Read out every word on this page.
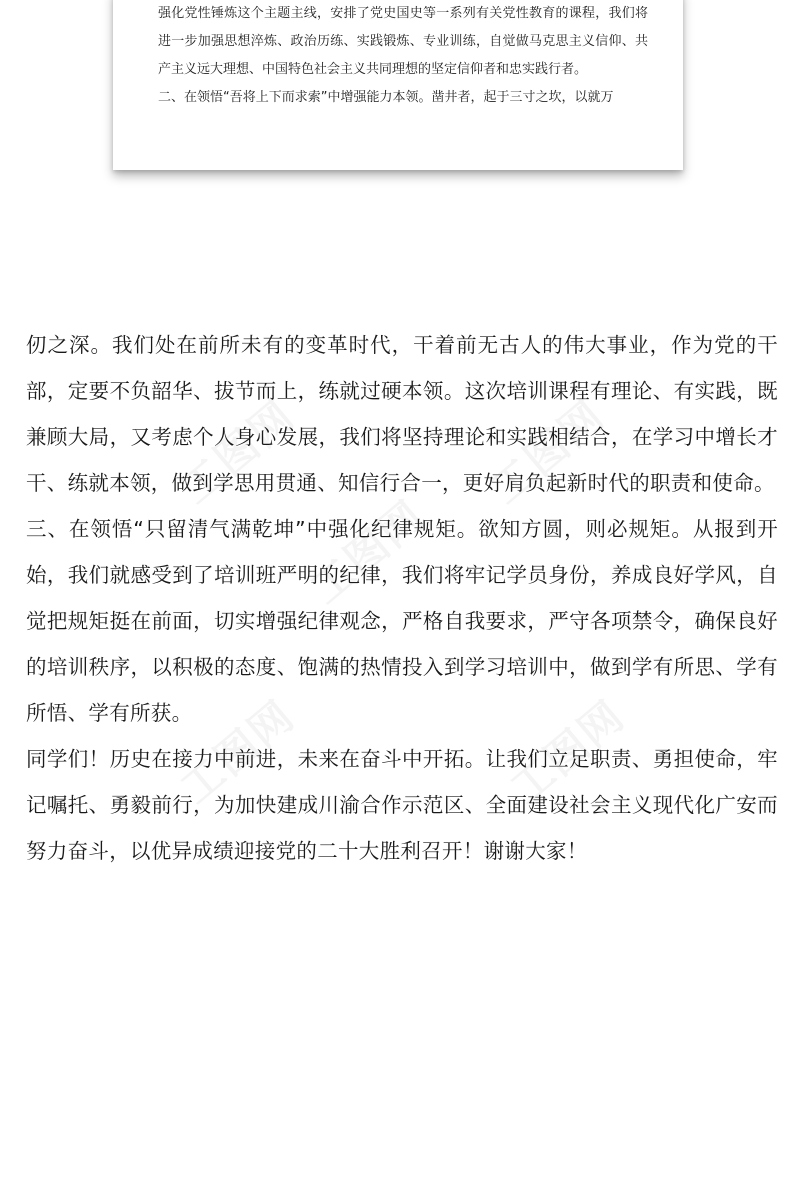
强化党性锤炼这个主题主线，安排了党史国史等一系列有关党性教育的课程，我们将进一步加强思想淬炼、政治历练、实践锻炼、专业训练，自觉做马克思主义信仰、共产主义远大理想、中国特色社会主义共同理想的坚定信仰者和忠实践行者。

二、在领悟“吾将上下而求索”中增强能力本领。凿井者，起于三寸之坎，以就万

仞之深。我们处在前所未有的变革时代，干着前无古人的伟大事业，作为党的干部，定要不负韶华、拔节而上，练就过硬本领。这次培训课程有理论、有实践，既兼顾大局，又考虑个人身心发展，我们将坚持理论和实践相结合，在学习中增长才干、练就本领，做到学思用贯通、知信行合一，更好肩负起新时代的职责和使命。

三、在领悟“只留清气满乾坤”中强化纪律规矩。欲知方圆，则必规矩。从报到开始，我们就感受到了培训班严明的纪律，我们将牢记学员身份，养成良好学风，自觉把规矩挺在前面，切实增强纪律观念，严格自我要求，严守各项禁令，确保良好的培训秩序，以积极的态度、饱满的热情投入到学习培训中，做到学有所思、学有所悟、学有所获。

同学们！历史在接力中前进，未来在奋斗中开拓。让我们立足职责、勇担使命，牢记嘱托、勇毅前行，为加快建成川渝合作示范区、全面建设社会主义现代化广安而努力奋斗，以优异成绩迎接党的二十大胜利召开！谢谢大家！
